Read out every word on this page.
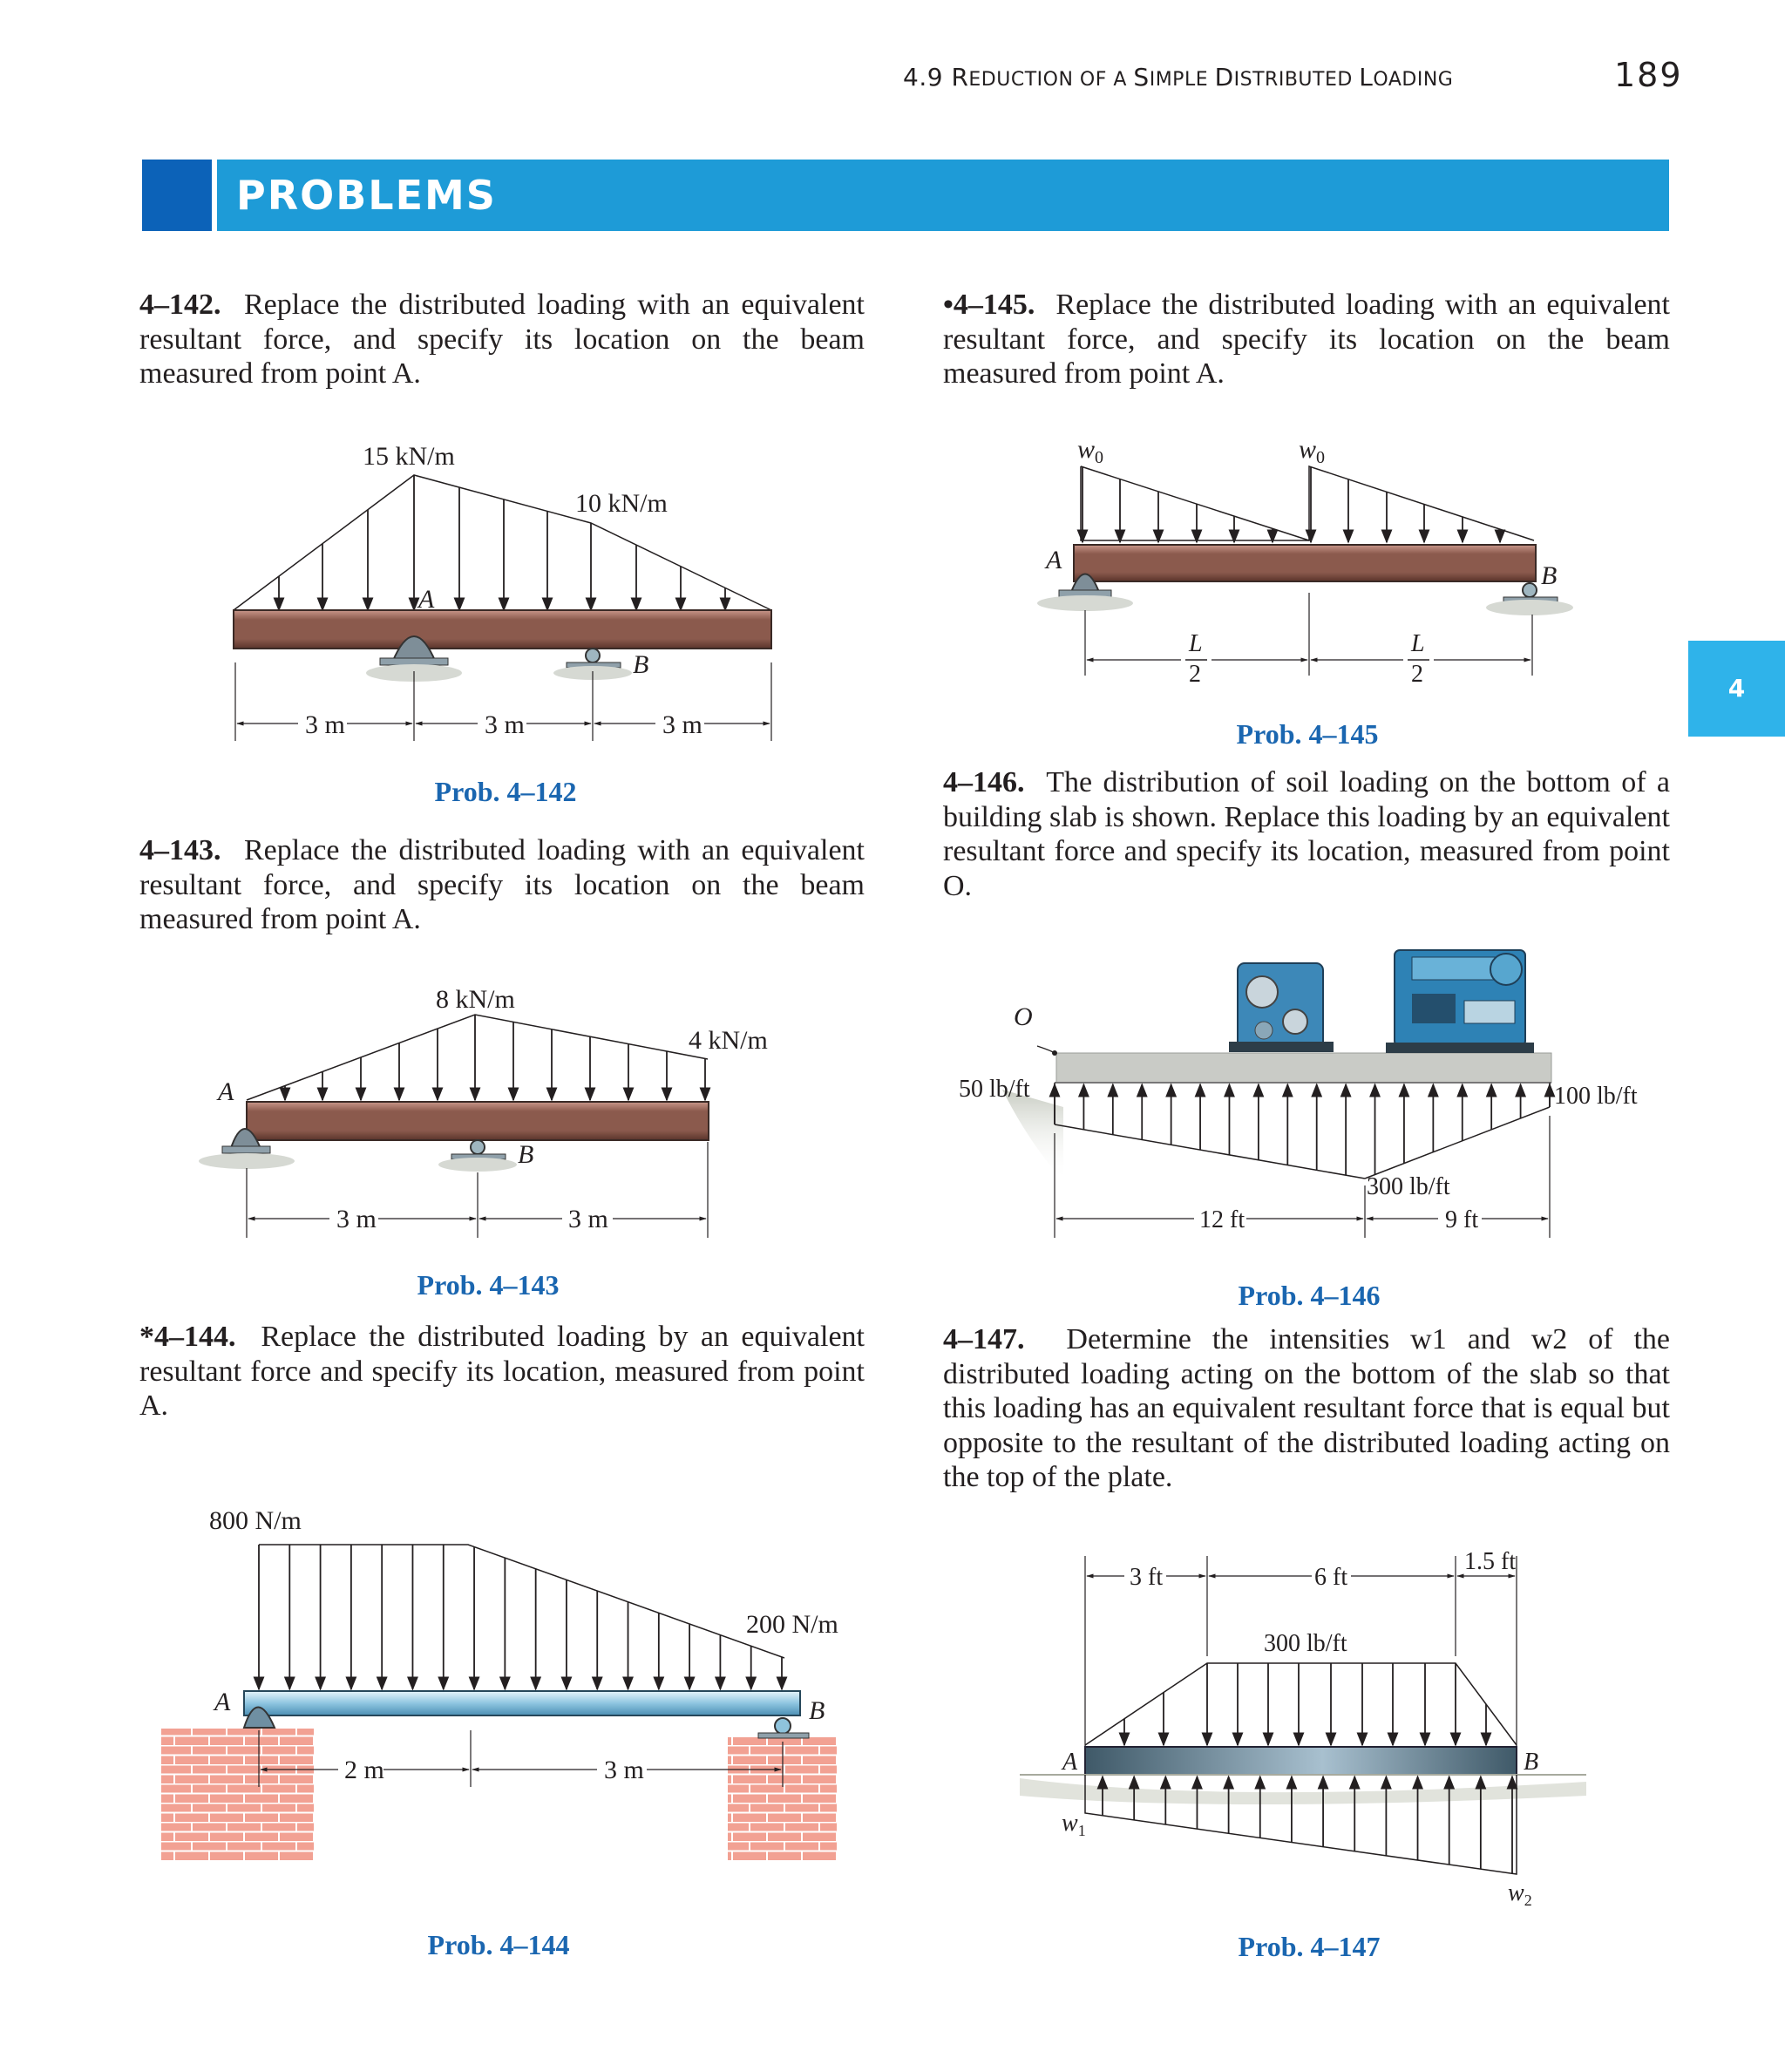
4.9 REDUCTION OF A SIMPLE DISTRIBUTED LOADING	189
PROBLEMS
4
4–142. Replace the distributed loading with an equivalent resultant force, and specify its location on the beam measured from point A.
4–143. Replace the distributed loading with an equivalent resultant force, and specify its location on the beam measured from point A.
*4–144. Replace the distributed loading by an equivalent resultant force and specify its location, measured from point A.
•4–145. Replace the distributed loading with an equivalent resultant force, and specify its location on the beam measured from point A.
4–146. The distribution of soil loading on the bottom of a building slab is shown. Replace this loading by an equivalent resultant force and specify its location, measured from point O.
4–147. Determine the intensities w1 and w2 of the distributed loading acting on the bottom of the slab so that this loading has an equivalent resultant force that is equal but opposite to the resultant of the distributed loading acting on the top of the plate.
Prob. 4–142
Prob. 4–143
Prob. 4–144
Prob. 4–145
Prob. 4–146
Prob. 4–147
15 kN/m
10 kN/m
A
B
3 m	3 m	3 m
8 kN/m
4 kN/m
A
B
3 m	3 m
800 N/m
200 N/m
A	B
2 m	3 m
$w_0$	$w_0$
A
B
L
2
L
2
O
50 lb/ft	100 lb/ft
300 lb/ft
12 ft	9 ft
3 ft	6 ft
1.5 ft
300 lb/ft
A	B
$w_1$
$w_2$
